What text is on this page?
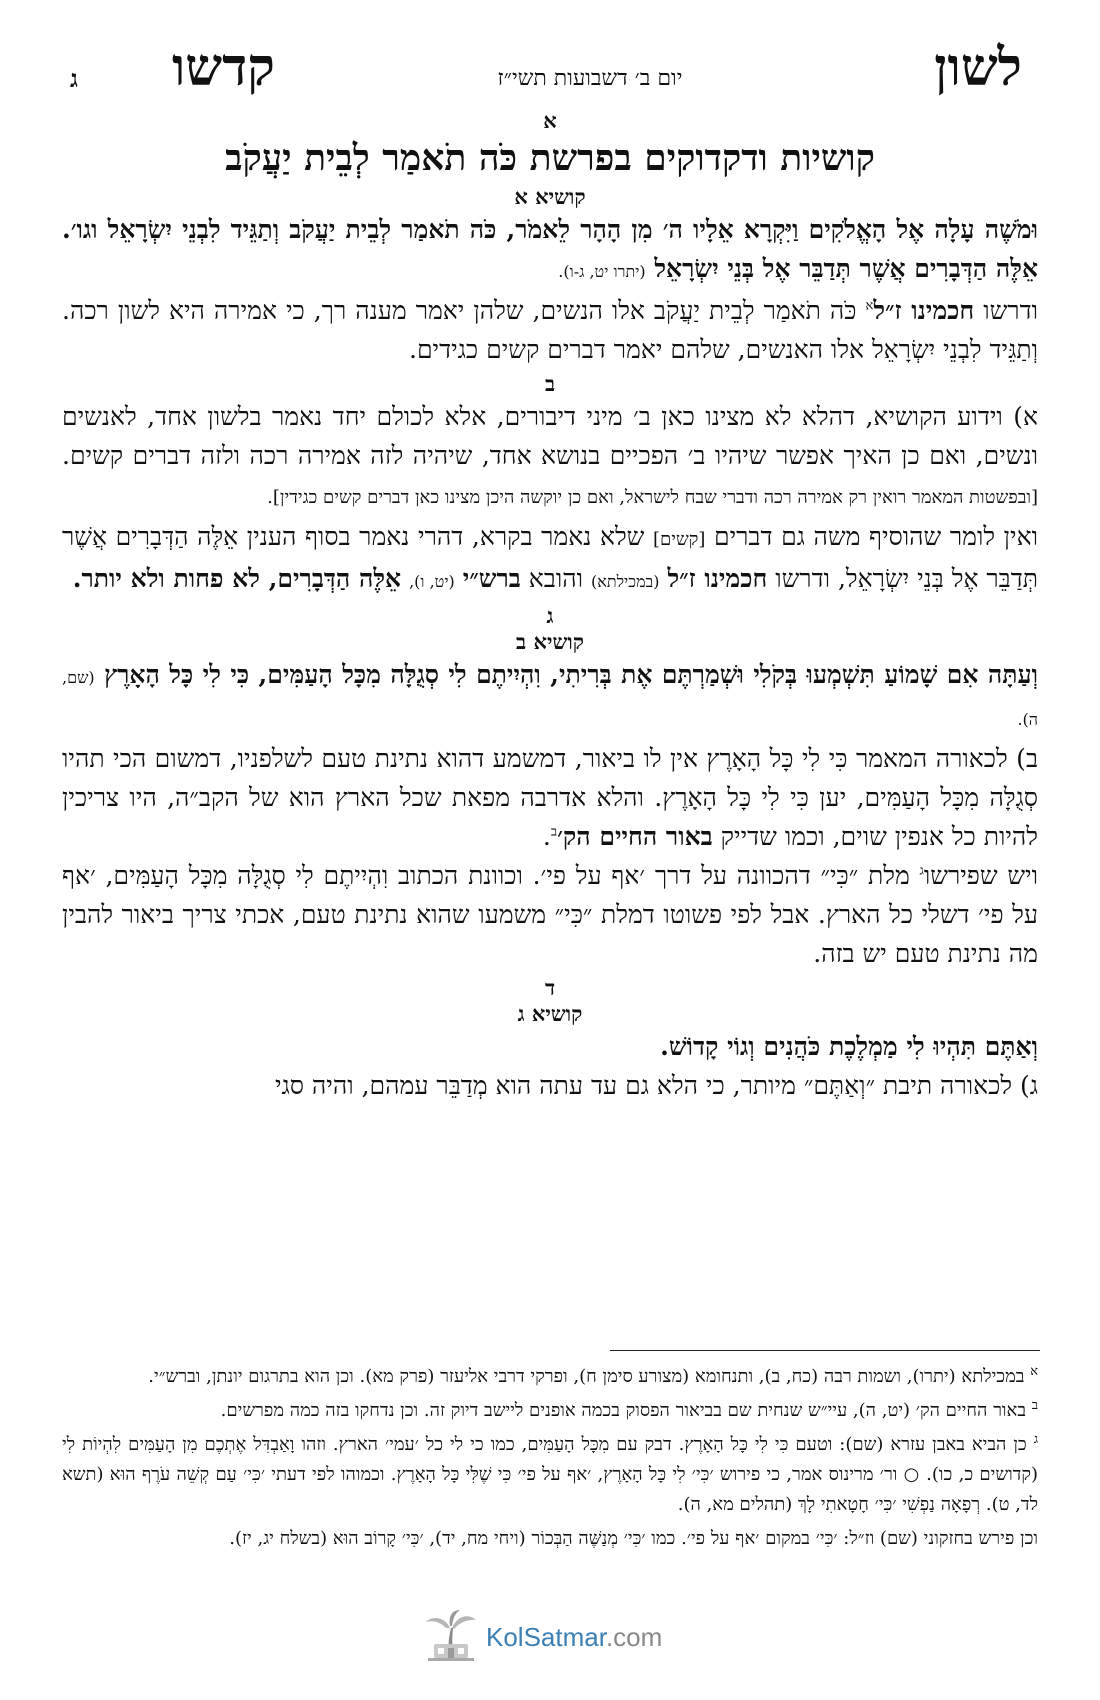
לשון
יום ב׳ דשבועות תשי״ז
קדשו
ג
א
קושיות ודקדוקים בפרשת כֹּה תֹאמַר לְבֵית יַעֲקֹב
קושיא א

וּמֹשֶׁה עָלָה אֶל הָאֱלֹקִים וַיִּקְרָא אֵלָיו ה׳ מִן הָהָר לֵאמֹר, כֹּה תֹאמַר לְבֵית יַעֲקֹב וְתַגֵּיד לִבְנֵי יִשְׂרָאֵל וגו׳. אֵלֶּה הַדְּבָרִים אֲשֶׁר תְּדַבֵּר אֶל בְּנֵי יִשְׂרָאֵל (יתרו יט, ג-ו).

ודרשו חכמינו ז״ל$^א$ כֹּה תֹאמַר לְבֵית יַעֲקֹב אלו הנשים, שלהן יאמר מענה רך, כי אמירה היא לשון רכה. וְתַגֵּיד לִבְנֵי יִשְׂרָאֵל אלו האנשים, שלהם יאמר דברים קשים כגידים.

ב

א) וידוע הקושיא, דהלא לא מצינו כאן ב׳ מיני דיבורים, אלא לכולם יחד נאמר בלשון אחד, לאנשים ונשים, ואם כן האיך אפשר שיהיו ב׳ הפכיים בנושא אחד, שיהיה לזה אמירה רכה ולזה דברים קשים. [ובפשטות המאמר רואין רק אמירה רכה ודברי שבח לישראל, ואם כן יוקשה היכן מצינו כאן דברים קשים כגידין].

ואין לומר שהוסיף משה גם דברים [קשים] שלא נאמר בקרא, דהרי נאמר בסוף הענין אֵלֶּה הַדְּבָרִים אֲשֶׁר תְּדַבֵּר אֶל בְּנֵי יִשְׂרָאֵל, ודרשו חכמינו ז״ל (במכילתא) והובא ברש״י (יט, ו), אֵלֶּה הַדְּבָרִים, לא פחות ולא יותר.

ג
קושיא ב

וְעַתָּה אִם שָׁמוֹעַ תִּשְׁמְעוּ בְּקֹלִי וּשְׁמַרְתֶּם אֶת בְּרִיתִי, וִהְיִיתֶם לִי סְגֻלָּה מִכָּל הָעַמִּים, כִּי לִי כָּל הָאָרֶץ (שם, ה).

ב) לכאורה המאמר כִּי לִי כָּל הָאָרֶץ אין לו ביאור, דמשמע דהוא נתינת טעם לשלפניו, דמשום הכי תהיו סְגֻלָּה מִכָּל הָעַמִּים, יען כִּי לִי כָּל הָאָרֶץ. והלא אדרבה מפאת שכל הארץ הוא של הקב״ה, היו צריכין להיות כל אנפין שוים, וכמו שדייק באור החיים הק׳$^ב$.

ויש שפירשו$^ג$ מלת ״כִּי״ דהכוונה על דרך ׳אף על פי׳. וכוונת הכתוב וִהְיִיתֶם לִי סְגֻלָּה מִכָּל הָעַמִּים, ׳אף על פי׳ דשלי כל הארץ. אבל לפי פשוטו דמלת ״כִּי״ משמעו שהוא נתינת טעם, אכתי צריך ביאור להבין מה נתינת טעם יש בזה.

ד
קושיא ג

וְאַתֶּם תִּהְיוּ לִי מַמְלֶכֶת כֹּהֲנִים וְגוֹי קָדוֹשׁ.

ג) לכאורה תיבת ״וְאַתֶּם״ מיותר, כי הלא גם עד עתה הוא מְדַבֵּר עמהם, והיה סגי

$^א$ במכילתא (יתרו), ושמות רבה (כח, ב), ותנחומא (מצורע סימן ח), ופרקי דרבי אליעזר (פרק מא). וכן הוא בתרגום יונתן, וברש״י.

$^ב$ באור החיים הק׳ (יט, ה), עיי״ש שנחית שם בביאור הפסוק בכמה אופנים ליישב דיוק זה. וכן נדחקו בזה כמה מפרשים.

$^ג$ כן הביא באבן עזרא (שם): וטעם כִּי לִי כָּל הָאָרֶץ. דבק עם מִכָּל הָעַמִּים, כמו כי לי כל ׳עמי׳ הארץ. וזהו וָאַבְדִּל אֶתְכֶם מִן הָעַמִּים לִהְיוֹת לִי (קדושים כ, כו). ○ ור׳ מרינוס אמר, כי פירוש ׳כִּי׳ לִי כָּל הָאָרֶץ, ׳אף על פי׳ כִּי שֶׁלִּי כָּל הָאָרֶץ. וכמוהו לפי דעתי ׳כִּי׳ עַם קְשֵׁה עֹרֶף הוּא (תשא לד, ט). רְפָאָה נַפְשִׁי ׳כִּי׳ חָטָאתִי לָךְ (תהלים מא, ה).

וכן פירש בחזקוני (שם) וז״ל: ׳כִּי׳ במקום ׳אף על פי׳. כמו ׳כִּי׳ מְנַשֶּׁה הַבְּכוֹר (ויחי מח, יד), ׳כִּי׳ קָרוֹב הוּא (בשלח יג, יז).

KolSatmar.com
